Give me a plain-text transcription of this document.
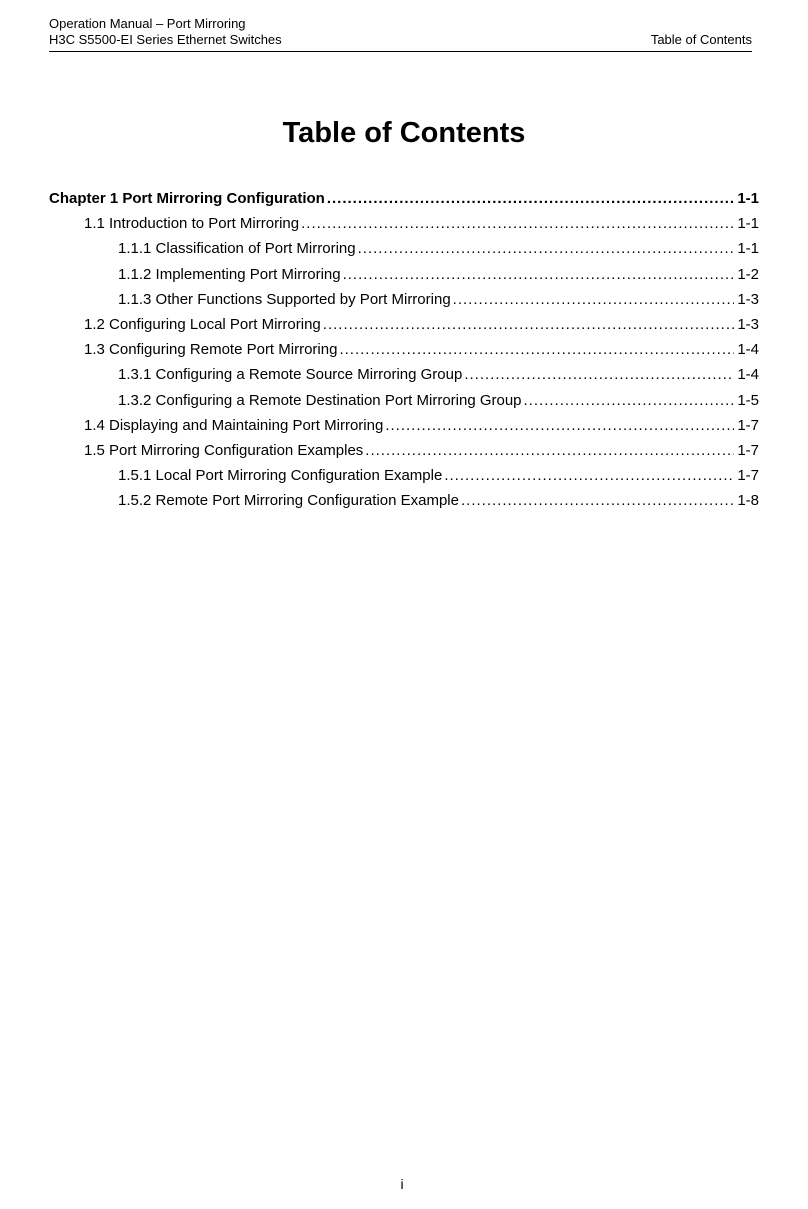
Operation Manual – Port Mirroring
H3C S5500-EI Series Ethernet Switches	Table of Contents
Table of Contents
Chapter 1 Port Mirroring Configuration .....	1-1
1.1 Introduction to Port Mirroring .....	1-1
1.1.1 Classification of Port Mirroring .....	1-1
1.1.2 Implementing Port Mirroring .....	1-2
1.1.3 Other Functions Supported by Port Mirroring .....	1-3
1.2 Configuring Local Port Mirroring .....	1-3
1.3 Configuring Remote Port Mirroring .....	1-4
1.3.1 Configuring a Remote Source Mirroring Group .....	1-4
1.3.2 Configuring a Remote Destination Port Mirroring Group .....	1-5
1.4 Displaying and Maintaining Port Mirroring .....	1-7
1.5 Port Mirroring Configuration Examples .....	1-7
1.5.1 Local Port Mirroring Configuration Example .....	1-7
1.5.2 Remote Port Mirroring Configuration Example .....	1-8
i
